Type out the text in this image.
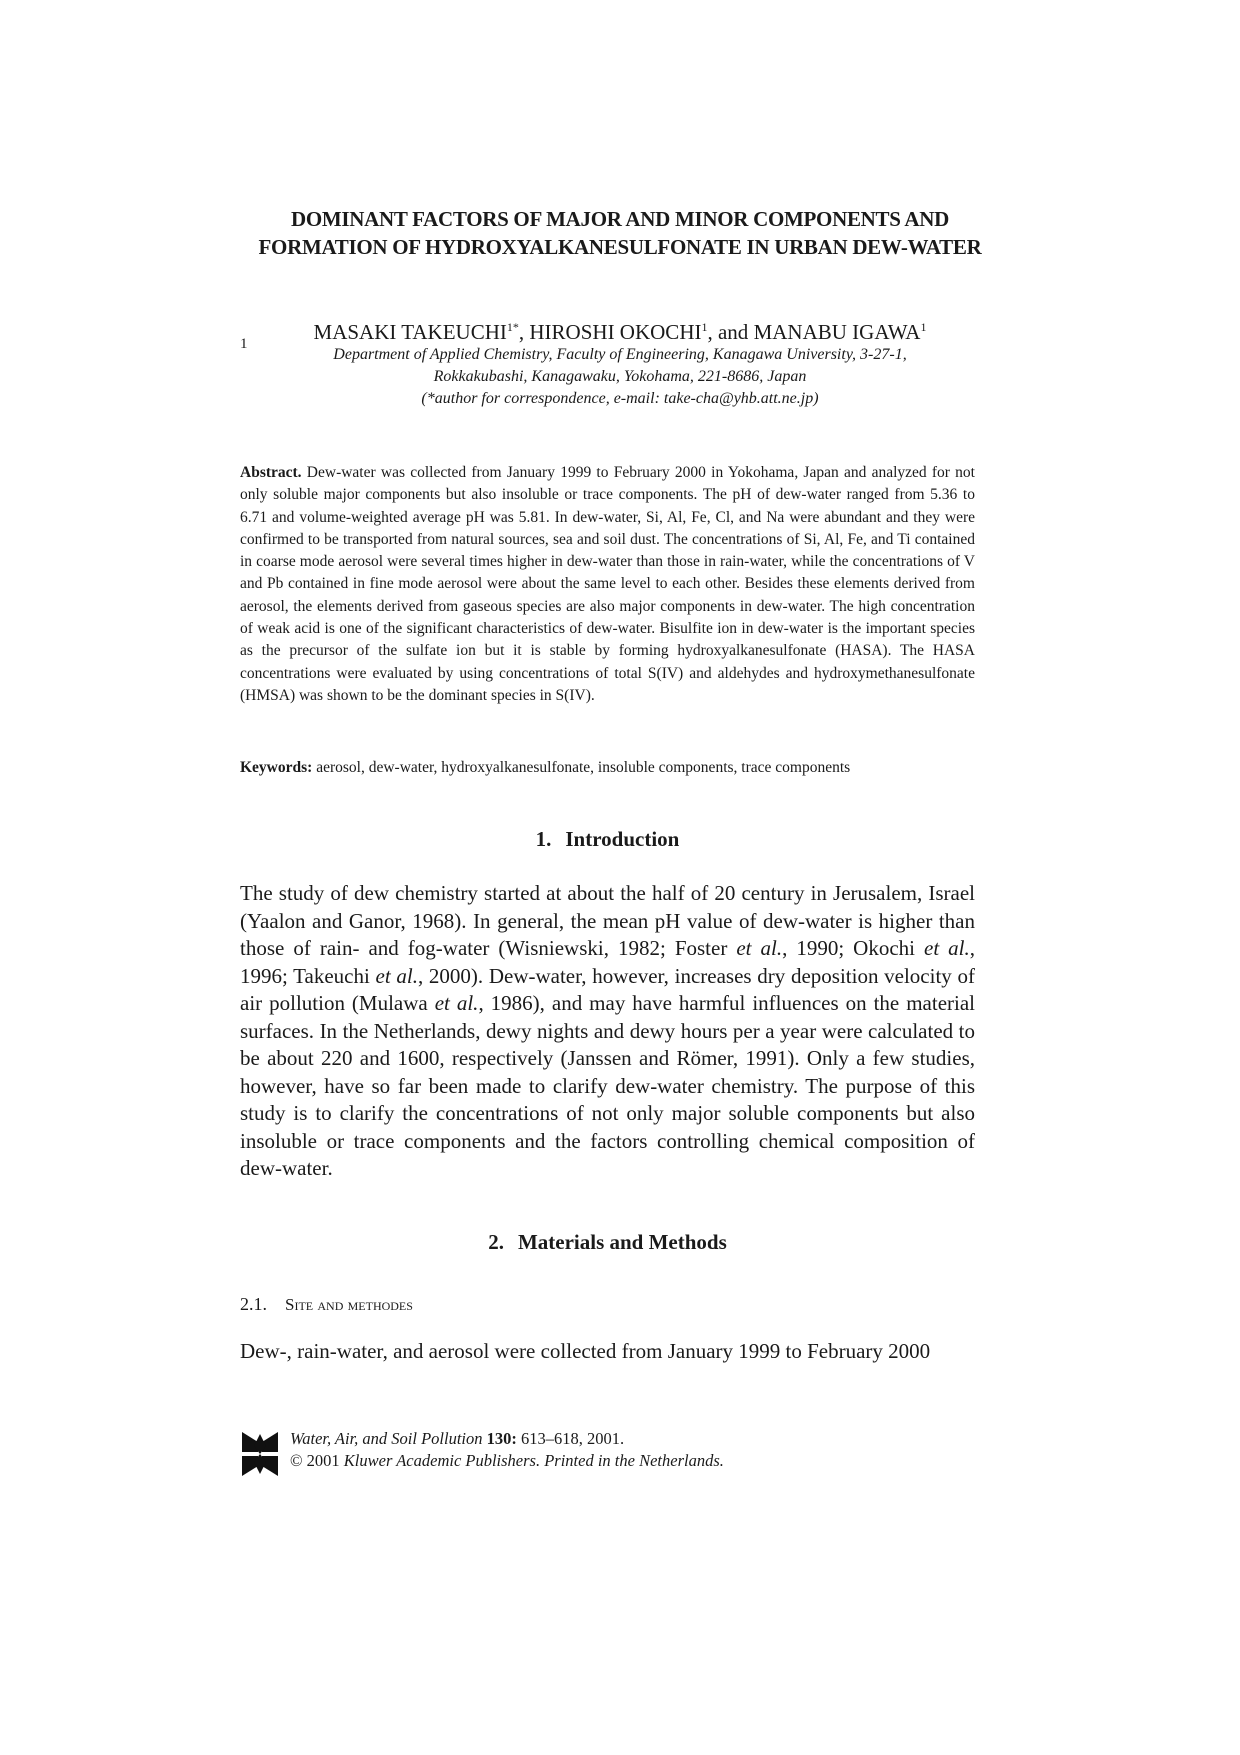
DOMINANT FACTORS OF MAJOR AND MINOR COMPONENTS AND FORMATION OF HYDROXYALKANESULFONATE IN URBAN DEW-WATER
MASAKI $TAKEUCHI^{1*}$, HIROSHI OKOCHI$^1$, and MANABU IGAWA$^1$
1
Department of Applied Chemistry, Faculty of Engineering, Kanagawa University, 3-27-1,
Rokkakubashi, Kanagawaku, Yokohama, 221-8686, Japan
(*author for correspondence, e-mail: take-cha@yhb.att.ne.jp)
Abstract. Dew-water was collected from January 1999 to February 2000 in Yokohama, Japan and analyzed for not only soluble major components but also insoluble or trace components. The pH of dew-water ranged from 5.36 to 6.71 and volume-weighted average pH was 5.81. In dew-water, Si, Al, Fe, Cl, and Na were abundant and they were confirmed to be transported from natural sources, sea and soil dust. The concentrations of Si, Al, Fe, and Ti contained in coarse mode aerosol were several times higher in dew-water than those in rain-water, while the concentrations of V and Pb contained in fine mode aerosol were about the same level to each other. Besides these elements derived from aerosol, the elements derived from gaseous species are also major components in dew-water. The high concentration of weak acid is one of the significant characteristics of dew-water. Bisulfite ion in dew-water is the important species as the precursor of the sulfate ion but it is stable by forming hydroxyalkanesulfonate (HASA). The HASA concentrations were evaluated by using concentrations of total S(IV) and aldehydes and hydroxymethanesulfonate (HMSA) was shown to be the dominant species in S(IV).
Keywords: aerosol, dew-water, hydroxyalkanesulfonate, insoluble components, trace components
1. Introduction
The study of dew chemistry started at about the half of 20 century in Jerusalem, Israel (Yaalon and Ganor, 1968). In general, the mean pH value of dew-water is higher than those of rain- and fog-water (Wisniewski, 1982; Foster et al., 1990; Okochi et al., 1996; Takeuchi et al., 2000). Dew-water, however, increases dry deposition velocity of air pollution (Mulawa et al., 1986), and may have harmful influences on the material surfaces. In the Netherlands, dewy nights and dewy hours per a year were calculated to be about 220 and 1600, respectively (Janssen and Römer, 1991). Only a few studies, however, have so far been made to clarify dew-water chemistry. The purpose of this study is to clarify the concentrations of not only major soluble components but also insoluble or trace components and the factors controlling chemical composition of dew-water.
2. Materials and Methods
2.1. Site and methodes
Dew-, rain-water, and aerosol were collected from January 1999 to February 2000
Water, Air, and Soil Pollution 130: 613–618, 2001.
© 2001 Kluwer Academic Publishers. Printed in the Netherlands.
